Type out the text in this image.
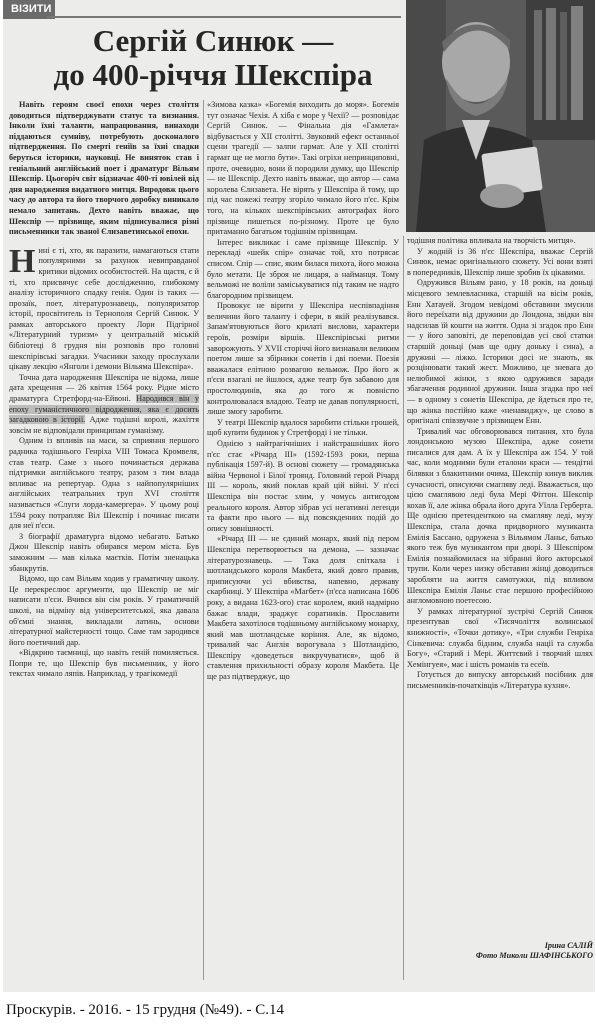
ВІЗИТИ
Сергій Синюк —
до 400-річчя Шекспіра

Навіть героям своєї епохи через століття доводиться підтверджувати статус та визнання. Інколи їхні таланти, напрацювання, винаходи піддаються сумніву, потребують досконалого підтвердження. По смерті геніїв за їхні спадки беруться історики, науковці. Не виняток став і геніальний англійський поет і драматург Вільям Шекспір. Цьогоріч світ відзначає 400-ті ювілей від дня народження видатного митця. Впродовж цього часу до автора та його творчого доробку виникало немало запитань. Дехто навіть вважає, що Шекспір — прізвище, яким підписувалися різні письменники так званої Єлизаветинської епохи.

Нині є ті, хто, як паразити, намагаються стати популярними за рахунок невиправданої критики відомих особистостей. На щастя, є й ті, хто присвячує себе дослідженню, глибокому аналізу історичного спадку генія. Один із таких — прозаїк, поет, літературознавець, популяризатор історії, просвітитель із Тернополя Сергій Синюк. У рамках авторського проекту Лори Підгірної «Літературний туризм» у центральній міській бібліотеці 8 грудня він розповів про головні шекспірівські загадки. Учасники заходу прослухали цікаву лекцію «Янголи і демони Вільяма Шекспіра».

Точна дата народження Шекспіра не відома, лише дата хрещення — 26 квітня 1564 року. Рідне місто драматурга Стретфорд-на-Ейвоні. Народився він у епоху гуманістичного відродження, яка є досить загадковою в історії. Адже тодішні королі, жахіття зовсім не відповідали принципам гуманізму.

Одним із впливів на маси, за сприяння першого радника тодішнього Генріха VIII Томаса Кромвеля, став театр. Саме з нього починається держава підтримки англійського театру, разом з тим влада впливає на репертуар. Одна з найпопулярніших англійських театральних труп XVI століття називається «Слуги лорда-камергера». У цьому році 1594 року потрапляє Віл Шекспір і починає писати для неї п'єси.

З біографії драматурга відомо небагато. Батько Джон Шекспір навіть обирався мером міста. Був заможним — мав кілька маєтків. Потім зненацька збанкрутів.

Відомо, що сам Вільям ходив у граматичну школу. Це перекреслює аргументи, що Шекспір не міг написати п'єси. Вчився він сім років. У граматичній школі, на відміну від університетської, яка давала об'ємні знання, викладали латинь, основи літературної майстерності тощо. Саме там зародився його поетичний дар.

«Відкрию таємниці, що навіть геній помиляється. Попри те, що Шекспір був письменник, у його текстах чимало ляпів. Наприклад, у трагікомедії

«Зимова казка» «Богемія виходить до моря». Богемія тут означає Чехія. А хіба є море у Чехії? — розповідає Сергій Синюк. — Фінальна дія «Гамлета» відбувається у XII столітті. Звуковий ефект останньої сцени трагедії — залпи гармат. Але у XII столітті гармат ще не могло бути». Такі огріхи непринциповні, проте, очевидно, вони й породили думку, що Шекспір — не Шекспір. Дехто навіть вважає, що автор — сама королева Єлизавета. Не вірять у Шекспіра й тому, що під час пожежі театру згоріло чимало його п'єс. Крім того, на кількох шекспірівських автографах його прізвище пишеться по-різному. Проте це було притаманно багатьом тодішнім прізвищам.

Інтерес викликає і саме прізвище Шекспір. У перекладі «шейк спір» означає той, хто потрясає списом. Спір — спис, яким билася пихота, його можна було метати. Це зброя не лицаря, а найманця. Тому вельможі не воліли заміськуватися під таким не надто благородним прізвищем.

Провокує не вірити у Шекспіра неспівпадіння величини його таланту і сфери, в якій реалізувався. Запам'ятовуються його крилаті вислови, характери героїв, розміри віршів. Шекспірівські ритми заворожують. У XVII сторіччі його визнавали великим поетом лише за збірники сонетів і дві поеми. Поезія вважалася елітною розвагою вельмож. Про його ж п'єси взагалі не йшлося, адже театр був забавою для простолюдинів, яка до того ж повністю контролювалася владою. Театр не давав популярності, лише змогу заробити.

У театрі Шекспір вдалося заробити стільки грошей, щоб купити будинок у Стретфорді і не тільки.

Однією з найтрагічніших і найстрашніших його п'єс стає «Річард III» (1592-1593 роки, перша публікація 1597-й). В основі сюжету — громадянська війна Червоної і Білої троянд. Головний герой Річард III — король, який поклав край цій війні. У п'єсі Шекспіра він постає злим, у чомусь антигодом реального короля. Автор зібрав усі негативні легенди та факти про нього — від повсякденних подій до опису зовнішності.

«Річард III — не єдиний монарх, який під пером Шекспіра перетворюється на демона, — зазначає літературознавець. — Така доля спіткала і шотландського короля Макбета, який довго правив, приписуючи усі вбивства, напевно, державу скарбниці. У Шекспіра «Магбет» (п'єса написана 1606 року, а видана 1623-ого) стає королем, який надмірно бажає влади, зраджує соратників. Прославити Макбета захотілося тодішньому англійському монарху, який мав шотландське коріння. Але, як відомо, тривалий час Англія ворогувала з Шотландією, Шекспіру «доведеться викручуватися», щоб й ставлення прихильності образу короля Макбета. Це ще раз підтверджує, що

тодішня політика впливала на творчість митця».

У жодній із 36 п'єс Шекспіра, вважає Сергій Синюк, немає оригінального сюжету. Усі вони взяті в попередників, Шекспір лише зробив їх цікавими.

Одружився Вільям рано, у 18 років, на доньці місцевого землевласника, старшій на вісім років, Енн Хатауей. Згодом невідомі обставини змусили його переїхати від дружини до Лондона, звідки він надсилав їй кошти на життя. Одна зі згадок про Енн — у його заповіті, де переповідав усі свої статки старшій доньці (мав ще одну доньку і сина), а дружині — ліжко. Історики досі не знають, як розцінювати такий жест. Можливо, це зневага до нелюбимої жінки, з якою одружився заради збагачення родинної дружини. Інша згадка про неї — в одному з сонетів Шекспіра, де йдеться про те, що жінка постійно каже «ненавиджу», це слово в оригіналі співзвучне з прізвищем Енн.

Тривалий час обговорювався питання, хто була лондонською музою Шекспіра, адже сонети писалися для дам. А їх у Шекспіра аж 154. У той час, коли модними були еталони краси — тендітні білявки з блакитними очима, Шекспір кинув виклик сучасності, описуючи смагляву леді. Вважається, що цією смаглявою леді була Мері Фіттон. Шекспір кохав її, але жінка обрала його друга Уїлла Герберта. Ще однією претенденткою на смагляву леді, музу Шекспіра, стала дочка придворного музиканта Емілія Бассано, одружена з Вільямом Ланьє, батько якого теж був музикантом при дворі. З Шекспіром Емілія познайомилася на зібранні його акторської трупи. Коли через низку обставин жінці доводиться заробляти на життя самотужки, під впливом Шекспіра Емілія Ланьє стає першою професійною англомовною поетесою.

У рамках літературної зустрічі Сергій Синюк презентував свої «Тисячоліття волинської книжності», «Точки дотику», «Три служби Генріха Сінкевича: служба бідним, служба нації та служба Богу», «Старий і Мері. Життєвий і творчий шлях Хемінгуея», має і шість романів та есеїв.

Готується до випуску авторський посібник для письменників-початківців «Література кухня».

Ірина САЛІЙ
Фото Миколи ШАФІНСЬКОГО
Проскурів. - 2016. - 15 грудня (№49). - С.14
